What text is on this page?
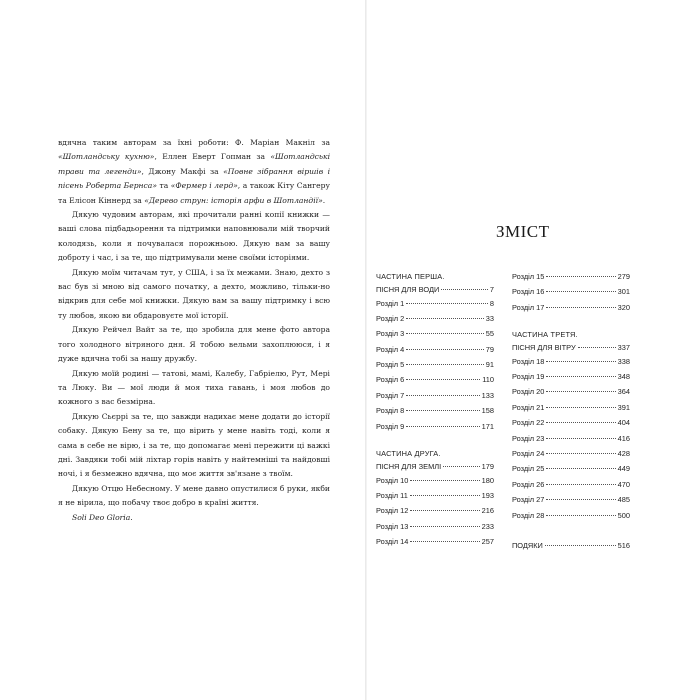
вдячна таким авторам за їхні роботи: Ф. Маріан Макніл за «Шотландську кухню», Еллен Еверт Гопман за «Шотландські трави та легенди», Джону Макфі за «Повне зібрання віршів і пісень Роберта Бернса» та «Фермер і лерд», а також Кіту Сангеру та Елісон Кіннерд за «Дерево струн: історія арфи в Шотландії».

Дякую чудовим авторам, які прочитали ранні копії книжки — ваші слова підбадьорення та підтримки наповнювали мій творчий колодязь, коли я почувалася порожньою. Дякую вам за вашу доброту і час, і за те, що підтримували мене своїми історіями.

Дякую моїм читачам тут, у США, і за їх межами. Знаю, дехто з вас був зі мною від самого початку, а дехто, можливо, тільки-но відкрив для себе мої книжки. Дякую вам за вашу підтримку і всю ту любов, якою ви обдаровуєте мої історії.

Дякую Рейчел Вайт за те, що зробила для мене фото авторa того холодного вітряного дня. Я тобою вельми захоплююся, і я дуже вдячна тобі за нашу дружбу.

Дякую моїй родині — татові, мамі, Калебу, Габріелю, Рут, Мері та Люку. Ви — мої люди й моя тиха гавань, і моя любов до кожного з вас безмірна.

Дякую Сьєррі за те, що завжди надихає мене додати до історії собаку. Дякую Бену за те, що вірить у мене навіть тоді, коли я сама в себе не вірю, і за те, що допомагає мені пережити ці важкі дні. Завдяки тобі мій ліхтар горів навіть у найтемніші та найдовші ночі, і я безмежно вдячна, що моє життя зв'язане з твоїм.

Дякую Отцю Небесному. У мене давно опустилися б руки, якби я не вірила, що побачу твоє добро в країні життя.

Soli Deo Gloria.

ЗМІСТ
ЧАСТИНА ПЕРША.
ПІСНЯ ДЛЯ ВОДИ	7
Розділ 1	8
Розділ 2	33
Розділ 3	55
Розділ 4	79
Розділ 5	91
Розділ 6	110
Розділ 7	133
Розділ 8	158
Розділ 9	171
ЧАСТИНА ДРУГА.
ПІСНЯ ДЛЯ ЗЕМЛІ	179
Розділ 10	180
Розділ 11	193
Розділ 12	216
Розділ 13	233
Розділ 14	257
Розділ 15	279
Розділ 16	301
Розділ 17	320
ЧАСТИНА ТРЕТЯ.
ПІСНЯ ДЛЯ ВІТРУ	337
Розділ 18	338
Розділ 19	348
Розділ 20	364
Розділ 21	391
Розділ 22	404
Розділ 23	416
Розділ 24	428
Розділ 25	449
Розділ 26	470
Розділ 27	485
Розділ 28	500
ПОДЯКИ	516
